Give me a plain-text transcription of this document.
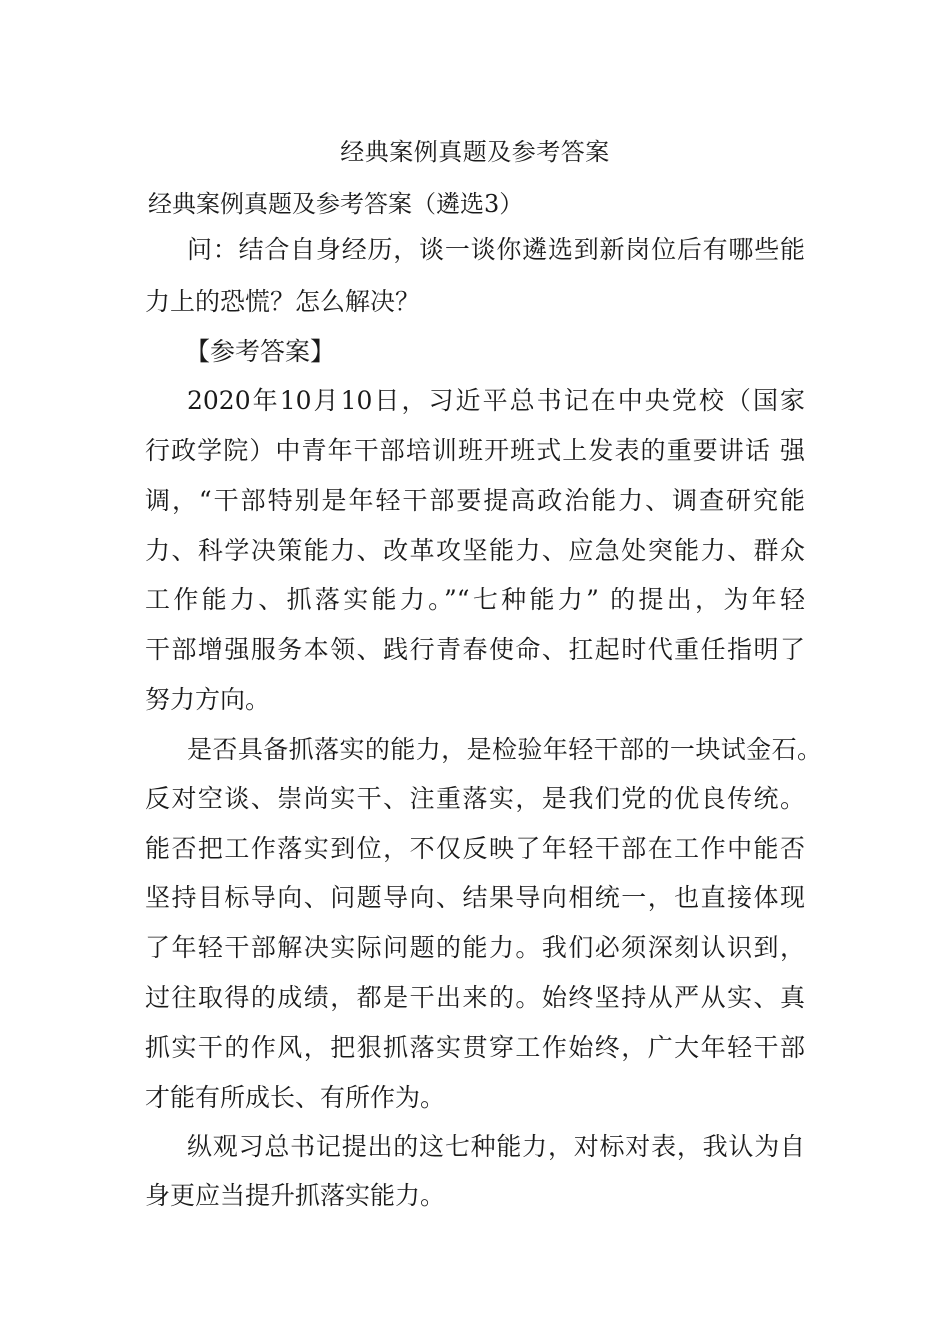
经典案例真题及参考答案
经典案例真题及参考答案（遴选3）
问：结合自身经历，谈一谈你遴选到新岗位后有哪些能
力上的恐慌？怎么解决？
【参考答案】
2020年10月10日，习近平总书记在中央党校（国家
行政学院）中青年干部培训班开班式上发表的重要讲话 强
调，“干部特别是年轻干部要提高政治能力、调查研究能
力、科学决策能力、改革攻坚能力、应急处突能力、群众
工作能力、抓落实能力。”“七种能力” 的提出，为年轻
干部增强服务本领、践行青春使命、扛起时代重任指明了
努力方向。
是否具备抓落实的能力，是检验年轻干部的一块试金石。
反对空谈、崇尚实干、注重落实，是我们党的优良传统。
能否把工作落实到位，不仅反映了年轻干部在工作中能否
坚持目标导向、问题导向、结果导向相统一，也直接体现
了年轻干部解决实际问题的能力。我们必须深刻认识到，
过往取得的成绩，都是干出来的。始终坚持从严从实、真
抓实干的作风，把狠抓落实贯穿工作始终，广大年轻干部
才能有所成长、有所作为。
纵观习总书记提出的这七种能力，对标对表，我认为自
身更应当提升抓落实能力。
